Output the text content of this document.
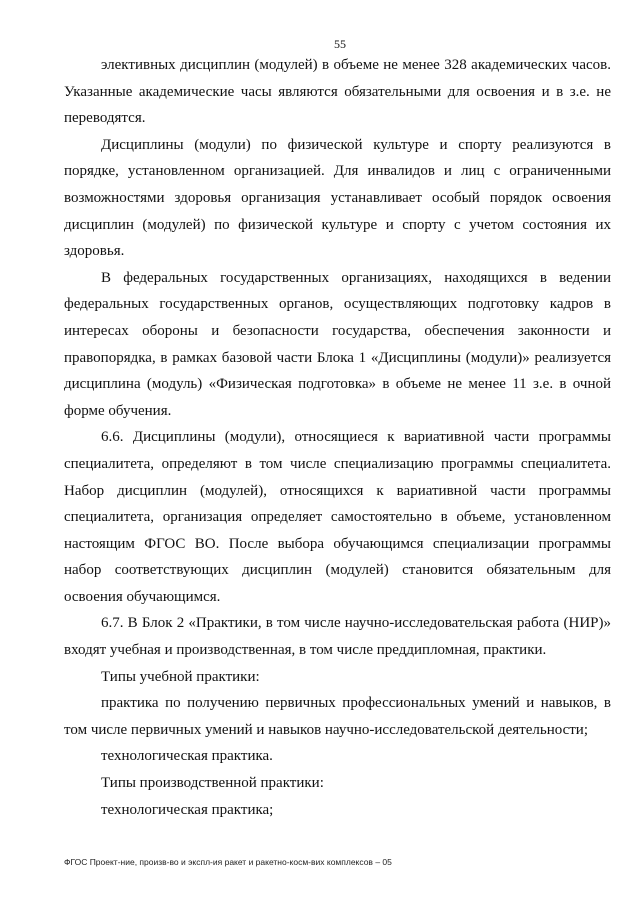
55

элективных дисциплин (модулей) в объеме не менее 328 академических часов. Указанные академические часы являются обязательными для освоения и в з.е. не переводятся.

Дисциплины (модули) по физической культуре и спорту реализуются в порядке, установленном организацией. Для инвалидов и лиц с ограниченными возможностями здоровья организация устанавливает особый порядок освоения дисциплин (модулей) по физической культуре и спорту с учетом состояния их здоровья.

В федеральных государственных организациях, находящихся в ведении федеральных государственных органов, осуществляющих подготовку кадров в интересах обороны и безопасности государства, обеспечения законности и правопорядка, в рамках базовой части Блока 1 «Дисциплины (модули)» реализуется дисциплина (модуль) «Физическая подготовка» в объеме не менее 11 з.е. в очной форме обучения.

6.6. Дисциплины (модули), относящиеся к вариативной части программы специалитета, определяют в том числе специализацию программы специалитета. Набор дисциплин (модулей), относящихся к вариативной части программы специалитета, организация определяет самостоятельно в объеме, установленном настоящим ФГОС ВО. После выбора обучающимся специализации программы набор соответствующих дисциплин (модулей) становится обязательным для освоения обучающимся.

6.7. В Блок 2 «Практики, в том числе научно-исследовательская работа (НИР)» входят учебная и производственная, в том числе преддипломная, практики.

Типы учебной практики:

практика по получению первичных профессиональных умений и навыков, в том числе первичных умений и навыков научно-исследовательской деятельности;

технологическая практика.

Типы производственной практики:

технологическая практика;

ФГОС Проект-ние, произв-во и экспл-ия ракет и ракетно-косм-вих комплексов – 05
